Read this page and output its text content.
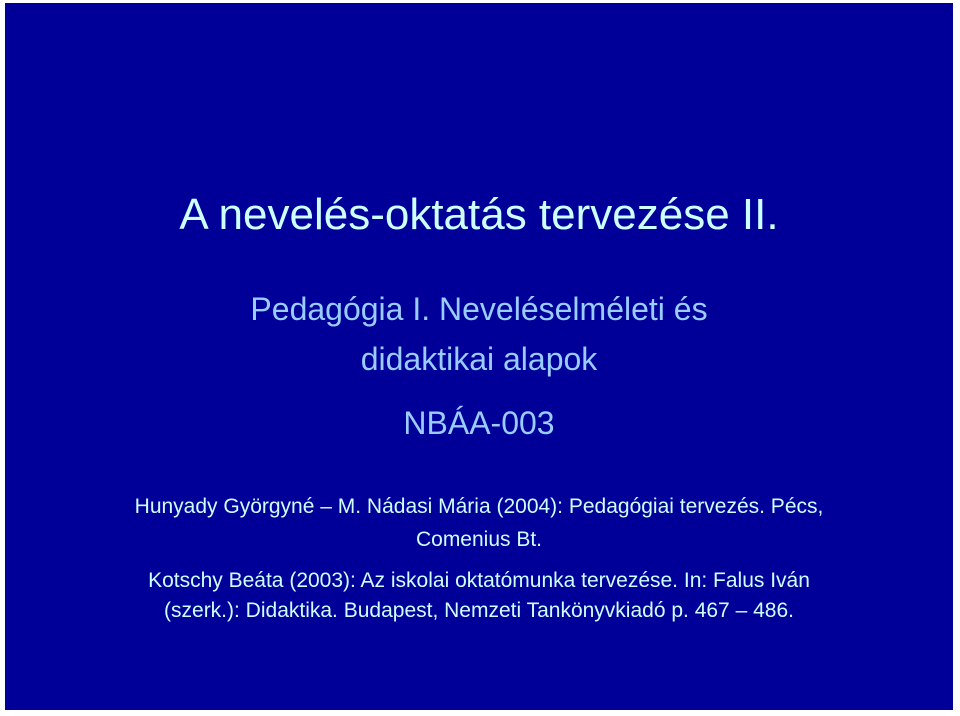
A nevelés-oktatás tervezése II.
Pedagógia I. Neveléselméleti és
didaktikai alapok
NBÁA-003
Hunyady Györgyné – M. Nádasi Mária (2004): Pedagógiai tervezés. Pécs,
Comenius Bt.
Kotschy Beáta (2003): Az iskolai oktatómunka tervezése. In: Falus Iván
(szerk.): Didaktika. Budapest, Nemzeti Tankönyvkiadó p. 467 – 486.
